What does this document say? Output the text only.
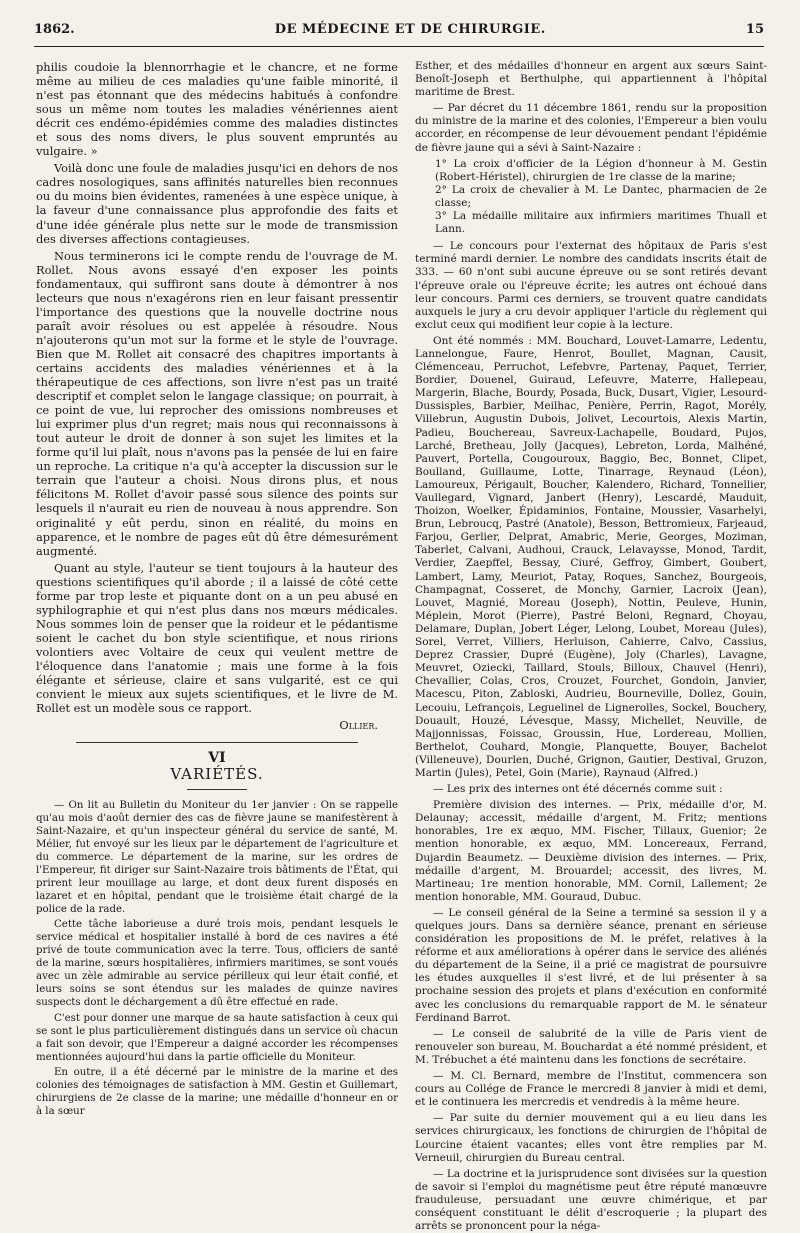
1862.	DE MÉDECINE ET DE CHIRURGIE.	15

philis coudoie la blennorrhagie et le chancre, et ne forme même au milieu de ces maladies qu'une faible minorité, il n'est pas étonnant que des médecins habitués à confondre sous un même nom toutes les maladies vénériennes aient décrit ces endémo-épidémies comme des maladies distinctes et sous des noms divers, le plus souvent empruntés au vulgaire. »

Voilà donc une foule de maladies jusqu'ici en dehors de nos cadres nosologiques, sans affinités naturelles bien reconnues ou du moins bien évidentes, ramenées à une espèce unique, à la faveur d'une connaissance plus approfondie des faits et d'une idée générale plus nette sur le mode de transmission des diverses affections contagieuses.

Nous terminerons ici le compte rendu de l'ouvrage de M. Rollet. Nous avons essayé d'en exposer les points fondamentaux, qui suffiront sans doute à démontrer à nos lecteurs que nous n'exagérons rien en leur faisant pressentir l'importance des questions que la nouvelle doctrine nous paraît avoir résolues ou est appelée à résoudre. Nous n'ajouterons qu'un mot sur la forme et le style de l'ouvrage. Bien que M. Rollet ait consacré des chapitres importants à certains accidents des maladies vénériennes et à la thérapeutique de ces affections, son livre n'est pas un traité descriptif et complet selon le langage classique; on pourrait, à ce point de vue, lui reprocher des omissions nombreuses et lui exprimer plus d'un regret; mais nous qui reconnaissons à tout auteur le droit de donner à son sujet les limites et la forme qu'il lui plaît, nous n'avons pas la pensée de lui en faire un reproche. La critique n'a qu'à accepter la discussion sur le terrain que l'auteur a choisi. Nous dirons plus, et nous félicitons M. Rollet d'avoir passé sous silence des points sur lesquels il n'aurait eu rien de nouveau à nous apprendre. Son originalité y eût perdu, sinon en réalité, du moins en apparence, et le nombre de pages eût dû être démesurément augmenté.

Quant au style, l'auteur se tient toujours à la hauteur des questions scientifiques qu'il aborde ; il a laissé de côté cette forme par trop leste et piquante dont on a un peu abusé en syphilographie et qui n'est plus dans nos mœurs médicales. Nous sommes loin de penser que la roideur et le pédantisme soient le cachet du bon style scientifique, et nous ririons volontiers avec Voltaire de ceux qui veulent mettre de l'éloquence dans l'anatomie ; mais une forme à la fois élégante et sérieuse, claire et sans vulgarité, est ce qui convient le mieux aux sujets scientifiques, et le livre de M. Rollet est un modèle sous ce rapport.

Ollier.
VI
VARIÉTÉS.

— On lit au Bulletin du Moniteur du 1er janvier : On se rappelle qu'au mois d'août dernier des cas de fièvre jaune se manifestèrent à Saint-Nazaire, et qu'un inspecteur général du service de santé, M. Mélier, fut envoyé sur les lieux par le département de l'agriculture et du commerce. Le département de la marine, sur les ordres de l'Empereur, fit diriger sur Saint-Nazaire trois bâtiments de l'État, qui prirent leur mouillage au large, et dont deux furent disposés en lazaret et en hôpital, pendant que le troisième était chargé de la police de la rade.

Cette tâche laborieuse a duré trois mois, pendant lesquels le service médical et hospitalier installé à bord de ces navires a été privé de toute communication avec la terre. Tous, officiers de santé de la marine, sœurs hospitalières, infirmiers maritimes, se sont voués avec un zèle admirable au service périlleux qui leur était confié, et leurs soins se sont étendus sur les malades de quinze navires suspects dont le déchargement a dû être effectué en rade.

C'est pour donner une marque de sa haute satisfaction à ceux qui se sont le plus particulièrement distingués dans un service où chacun a fait son devoir, que l'Empereur a daigné accorder les récompenses mentionnées aujourd'hui dans la partie officielle du Moniteur.

En outre, il a été décerné par le ministre de la marine et des colonies des témoignages de satisfaction à MM. Gestin et Guillemart, chirurgiens de 2e classe de la marine; une médaille d'honneur en or à la sœur

Esther, et des médailles d'honneur en argent aux sœurs Saint-Benoît-Joseph et Berthulphe, qui appartiennent à l'hôpital maritime de Brest.

— Par décret du 11 décembre 1861, rendu sur la proposition du ministre de la marine et des colonies, l'Empereur a bien voulu accorder, en récompense de leur dévouement pendant l'épidémie de fièvre jaune qui a sévi à Saint-Nazaire :

1° La croix d'officier de la Légion d'honneur à M. Gestin (Robert-Héristel), chirurgien de 1re classe de la marine;
2° La croix de chevalier à M. Le Dantec, pharmacien de 2e classe;
3° La médaille militaire aux infirmiers maritimes Thuall et Lann.

— Le concours pour l'externat des hôpitaux de Paris s'est terminé mardi dernier. Le nombre des candidats inscrits était de 333. — 60 n'ont subi aucune épreuve ou se sont retirés devant l'épreuve orale ou l'épreuve écrite; les autres ont échoué dans leur concours. Parmi ces derniers, se trouvent quatre candidats auxquels le jury a cru devoir appliquer l'article du règlement qui exclut ceux qui modifient leur copie à la lecture.

Ont été nommés : MM. Bouchard, Louvet-Lamarre, Ledentu, Lannelongue, Faure, Henrot, Boullet, Magnan, Causit, Clémenceau, Perruchot, Lefebvre, Partenay, Paquet, Terrier, Bordier, Douenel, Guiraud, Lefeuvre, Materre, Hallepeau, Margerin, Blache, Bourdy, Posada, Buck, Dusart, Vigier, Lesourd-Dussisples, Barbier, Meilhac, Penière, Perrin, Ragot, Morély, Villebrun, Augustin Dubois, Jolivet, Lecourtois, Alexis Martin, Padieu, Bouchereau, Savreux-Lachapelle, Boudard, Pujos, Larché, Bretheau, Jolly (Jacques), Lebreton, Lorda, Malhéné, Pauvert, Portella, Cougouroux, Baggio, Bec, Bonnet, Clipet, Boulland, Guillaume, Lotte, Tinarrage, Reynaud (Léon), Lamoureux, Périgault, Boucher, Kalendero, Richard, Tonnellier, Vaullegard, Vignard, Janbert (Henry), Lescardé, Mauduit, Thoizon, Woelker, Épidaminios, Fontaine, Moussier, Vasarhelyi, Brun, Lebroucq, Pastré (Anatole), Besson, Bettromieux, Farjeaud, Farjou, Gerlier, Delprat, Amabric, Merie, Georges, Moziman, Taberlet, Calvani, Audhoui, Crauck, Lelavaysse, Monod, Tardit, Verdier, Zaepffel, Bessay, Ciuré, Geffroy, Gimbert, Goubert, Lambert, Lamy, Meuriot, Patay, Roques, Sanchez, Bourgeois, Champagnat, Cosseret, de Monchy, Garnier, Lacroix (Jean), Louvet, Magnié, Moreau (Joseph), Nottin, Peuleve, Hunin, Méplein, Morot (Pierre), Pastré Beloni, Regnard, Choyau, Delamare, Duplan, Jobert Léger, Lelong, Loubet, Moreau (Jules), Sorel, Verret, Villiers, Herluison, Cahierre, Calvo, Cassius, Deprez Crassier, Dupré (Eugène), Joly (Charles), Lavagne, Meuvret, Oziecki, Taillard, Stouls, Billoux, Chauvel (Henri), Chevallier, Colas, Cros, Crouzet, Fourchet, Gondoin, Janvier, Macescu, Piton, Zabloski, Audrieu, Bourneville, Dollez, Gouin, Lecouiu, Lefrançois, Leguelinel de Lignerolles, Sockel, Bouchery, Douault, Houzé, Lévesque, Massy, Michellet, Neuville, de Majjonnissas, Foissac, Groussin, Hue, Lordereau, Mollien, Berthelot, Couhard, Mongie, Planquette, Bouyer, Bachelot (Villeneuve), Dourlen, Duché, Grignon, Gautier, Destival, Gruzon, Martin (Jules), Petel, Goin (Marie), Raynaud (Alfred.)

— Les prix des internes ont été décernés comme suit :

Première division des internes. — Prix, médaille d'or, M. Delaunay; accessit, médaille d'argent, M. Fritz; mentions honorables, 1re ex æquo, MM. Fischer, Tillaux, Guenior; 2e mention honorable, ex æquo, MM. Loncereaux, Ferrand, Dujardin Beaumetz. — Deuxième division des internes. — Prix, médaille d'argent, M. Brouardel; accessit, des livres, M. Martineau; 1re mention honorable, MM. Cornil, Lallement; 2e mention honorable, MM. Gouraud, Dubuc.

— Le conseil général de la Seine a terminé sa session il y a quelques jours. Dans sa dernière séance, prenant en sérieuse considération les propositions de M. le préfet, relatives à la réforme et aux améliorations à opérer dans le service des aliénés du département de la Seine, il a prié ce magistrat de poursuivre les études auxquelles il s'est livré, et de lui présenter à sa prochaine session des projets et plans d'exécution en conformité avec les conclusions du remarquable rapport de M. le sénateur Ferdinand Barrot.

— Le conseil de salubrité de la ville de Paris vient de renouveler son bureau, M. Bouchardat a été nommé président, et M. Trébuchet a été maintenu dans les fonctions de secrétaire.

— M. Cl. Bernard, membre de l'Institut, commencera son cours au Collége de France le mercredi 8 janvier à midi et demi, et le continuera les mercredis et vendredis à la même heure.

— Par suite du dernier mouvement qui a eu lieu dans les services chirurgicaux, les fonctions de chirurgien de l'hôpital de Lourcine étaient vacantes; elles vont être remplies par M. Verneuil, chirurgien du Bureau central.

— La doctrine et la jurisprudence sont divisées sur la question de savoir si l'emploi du magnétisme peut être réputé manœuvre frauduleuse, persuadant une œuvre chimérique, et par conséquent constituant le délit d'escroquerie ; la plupart des arrêts se prononcent pour la néga-
